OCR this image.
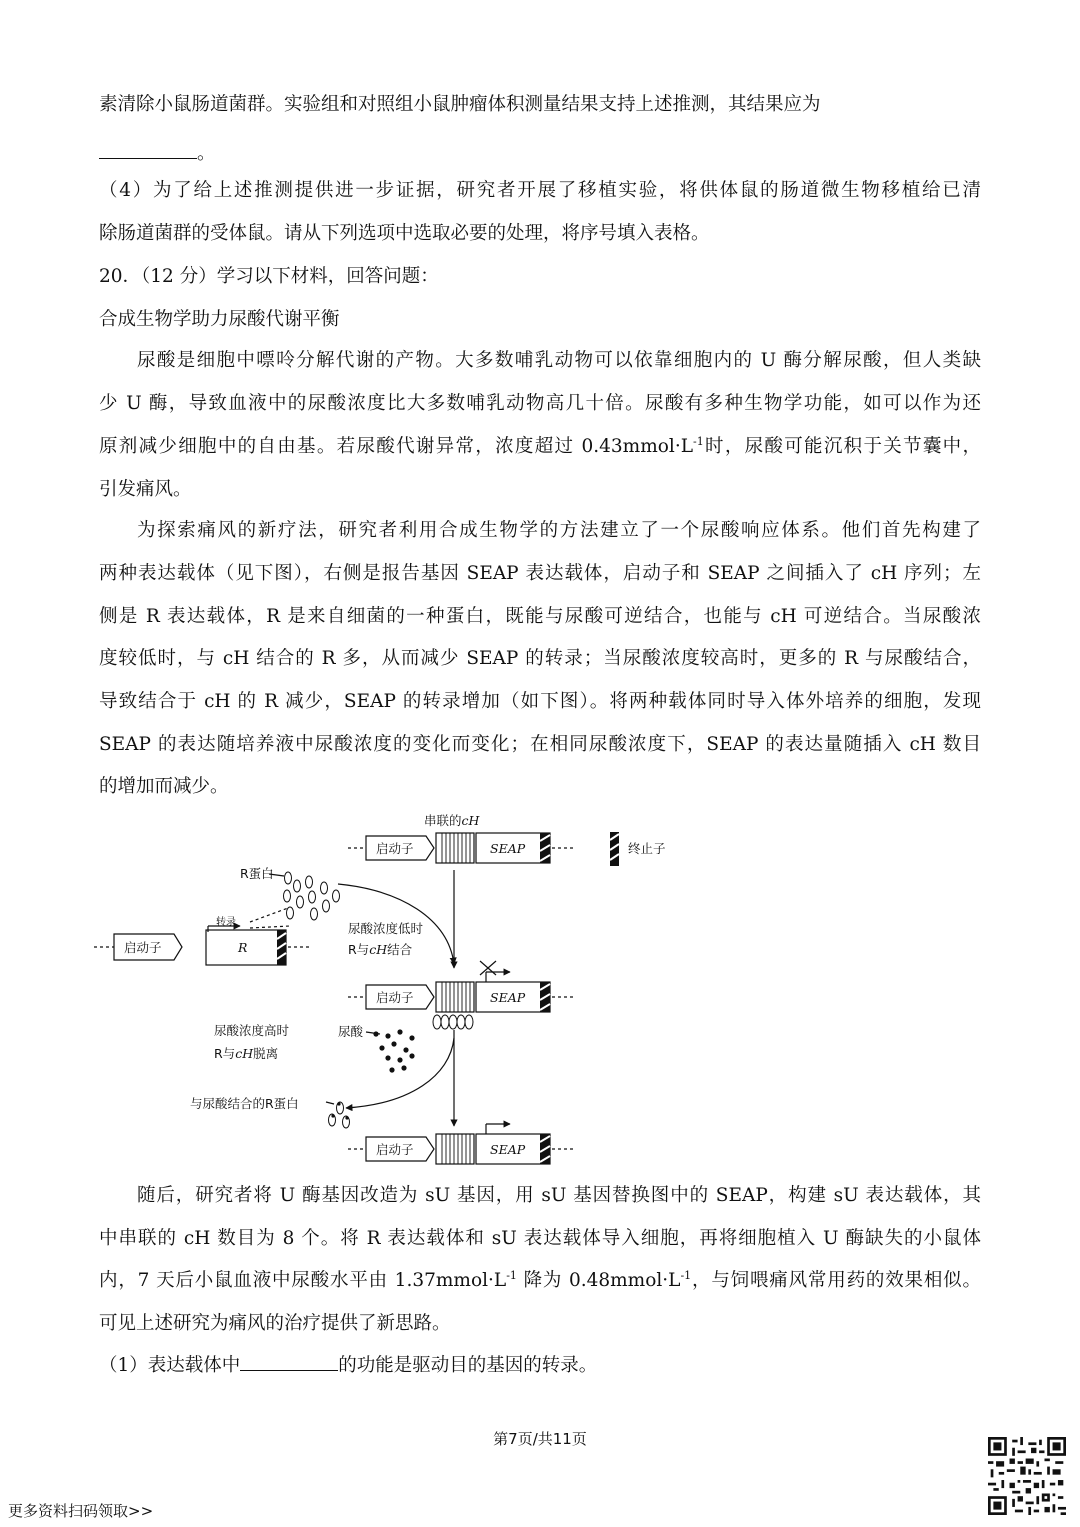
素清除小鼠肠道菌群。实验组和对照组小鼠肿瘤体积测量结果支持上述推测，其结果应为
。
（4）为了给上述推测提供进一步证据，研究者开展了移植实验，将供体鼠的肠道微生物移植给已清
除肠道菌群的受体鼠。请从下列选项中选取必要的处理，将序号填入表格。
20．（12 分）学习以下材料，回答问题：
合成生物学助力尿酸代谢平衡
尿酸是细胞中嘌呤分解代谢的产物。大多数哺乳动物可以依靠细胞内的 U 酶分解尿酸，但人类缺
少 U 酶，导致血液中的尿酸浓度比大多数哺乳动物高几十倍。尿酸有多种生物学功能，如可以作为还
原剂减少细胞中的自由基。若尿酸代谢异常，浓度超过 $0.43mmol\cdot L^{-1}$时，尿酸可能沉积于关节囊中，
引发痛风。
为探索痛风的新疗法，研究者利用合成生物学的方法建立了一个尿酸响应体系。他们首先构建了
两种表达载体（见下图），右侧是报告基因 SEAP 表达载体，启动子和 SEAP 之间插入了 cH 序列；左
侧是 R 表达载体，R 是来自细菌的一种蛋白，既能与尿酸可逆结合，也能与 cH 可逆结合。当尿酸浓
度较低时，与 cH 结合的 R 多，从而减少 SEAP 的转录；当尿酸浓度较高时，更多的 R 与尿酸结合，
导致结合于 cH 的 R 减少，SEAP 的转录增加（如下图）。将两种载体同时导入体外培养的细胞，发现
SEAP 的表达随培养液中尿酸浓度的变化而变化；在相同尿酸浓度下，SEAP 的表达量随插入 cH 数目
的增加而减少。
串联的cH
启动子	SEAP	终止子
R蛋白
转录
启动子	R
尿酸浓度低时
R与cH结合
启动子	SEAP
尿酸浓度高时
R与cH脱离
尿酸
与尿酸结合的R蛋白
启动子	SEAP
随后，研究者将 U 酶基因改造为 sU 基因，用 sU 基因替换图中的 SEAP，构建 sU 表达载体，其
中串联的 cH 数目为 8 个。将 R 表达载体和 sU 表达载体导入细胞，再将细胞植入 U 酶缺失的小鼠体
内，7 天后小鼠血液中尿酸水平由 $1.37mmol\cdot L^{-1}$ 降为 $0.48mmol\cdot L^{-1}$，与饲喂痛风常用药的效果相似。
可见上述研究为痛风的治疗提供了新思路。
（1）表达载体中	的功能是驱动目的基因的转录。
第7页/共11页
更多资料扫码领取>>
